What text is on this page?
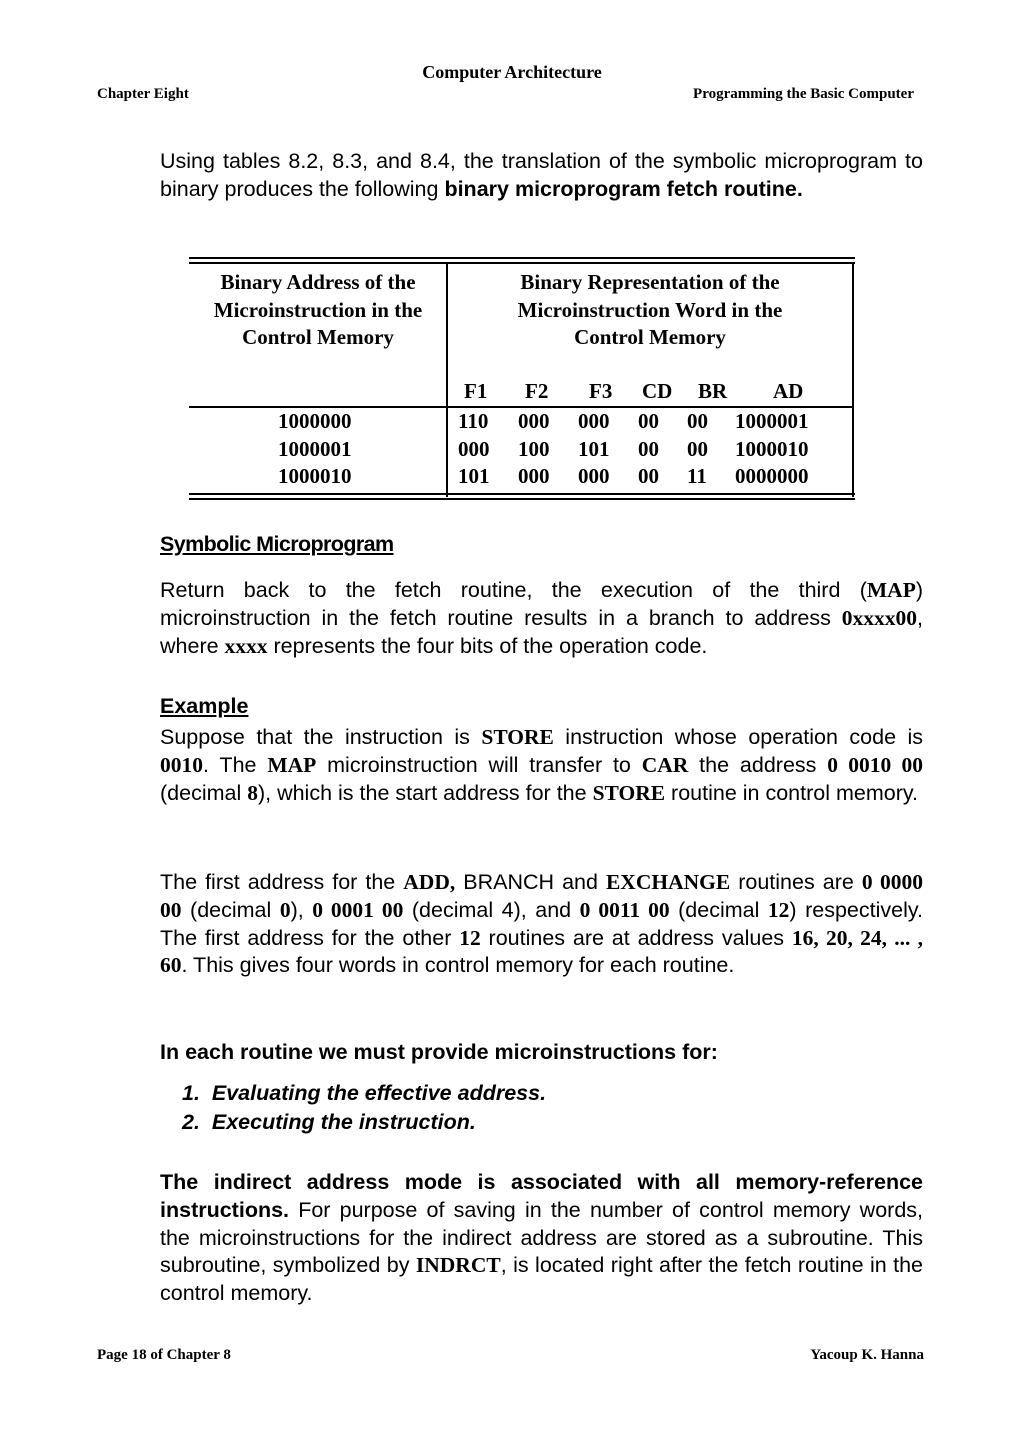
Computer Architecture
Chapter Eight	Programming the Basic Computer
Using tables 8.2, 8.3, and 8.4, the translation of the symbolic microprogram to binary produces the following binary microprogram fetch routine.
Binary Address of the
Microinstruction in the
Control Memory
Binary Representation of the
Microinstruction Word in the
Control Memory
F1 F2 F3 CD BR AD
1000000	110 000 000 00 00 1000001
1000001	000 100 101 00 00 1000010
1000010	101 000 000 00 11 0000000
Symbolic Microprogram
Return back to the fetch routine, the execution of the third (MAP) microinstruction in the fetch routine results in a branch to address 0xxxx00, where xxxx represents the four bits of the operation code.
Example
Suppose that the instruction is STORE instruction whose operation code is 0010. The MAP microinstruction will transfer to CAR the address 0 0010 00 (decimal 8), which is the start address for the STORE routine in control memory.
The first address for the ADD, BRANCH and EXCHANGE routines are 0 0000 00 (decimal 0), 0 0001 00 (decimal 4), and 0 0011 00 (decimal 12) respectively. The first address for the other 12 routines are at address values 16, 20, 24, ... , 60. This gives four words in control memory for each routine.
In each routine we must provide microinstructions for:
1.  Evaluating the effective address.
2.  Executing the instruction.
The indirect address mode is associated with all memory-reference instructions. For purpose of saving in the number of control memory words, the microinstructions for the indirect address are stored as a subroutine. This subroutine, symbolized by INDRCT, is located right after the fetch routine in the control memory.
Page 18 of Chapter 8	Yacoup K. Hanna
